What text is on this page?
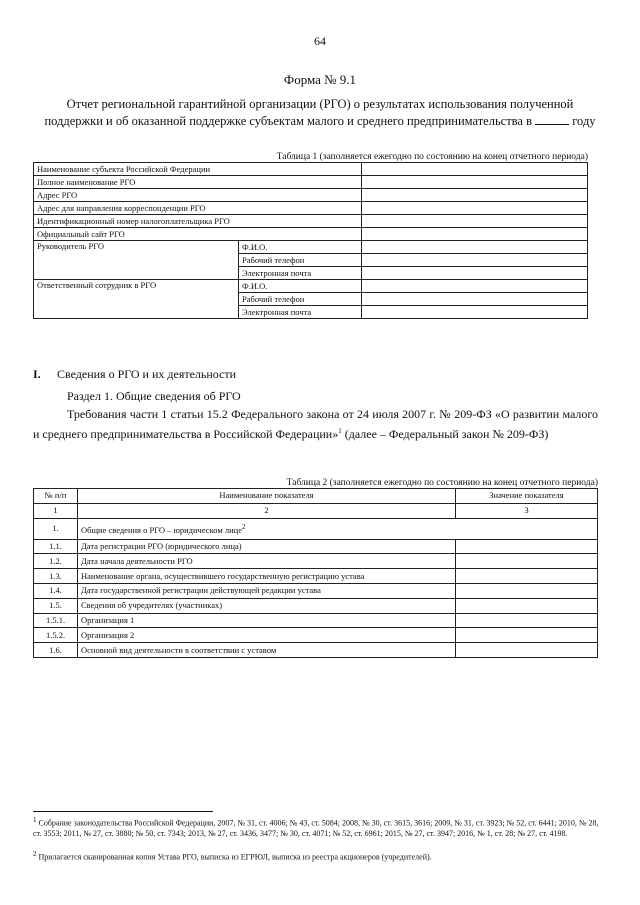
64
Форма № 9.1
Отчет региональной гарантийной организации (РГО) о результатах использования полученной
поддержки и об оказанной поддержке субъектам малого и среднего предпринимательства в	году
Таблица 1 (заполняется ежегодно по состоянию на конец отчетного периода)
Наименование субъекта Российской Федерации		
Полное наименование РГО		
Адрес РГО		
Адрес для направления корреспонденции РГО		
Идентификационный номер налогоплательщика РГО		
Официальный сайт РГО		
Руководитель РГО	Ф.И.О.	
	Рабочий телефон	
	Электронная почта	
Ответственный сотрудник в РГО	Ф.И.О.	
	Рабочий телефон	
	Электронная почта	
I. Сведения о РГО и их деятельности
Раздел 1. Общие сведения об РГО
Требования части 1 статьи 15.2 Федерального закона от 24 июля 2007 г. № 209-ФЗ «О развитии малого и среднего предпринимательства в Российской Федерации»$^1$ (далее – Федеральный закон № 209-ФЗ)
Таблица 2 (заполняется ежегодно по состоянию на конец отчетного периода)
№ п/п	Наименование показателя	Значение показателя
1	2	3
1.	Общие сведения о РГО – юридическом лице$^2$
1.1.	Дата регистрации РГО (юридического лица)	
1.2.	Дата начала деятельности РГО	
1.3.	Наименование органа, осуществившего государственную регистрацию устава	
1.4.	Дата государственной регистрации действующей редакции устава	
1.5.	Сведения об учредителях (участниках)	
1.5.1.	Организация 1	
1.5.2.	Организация 2	
1.6.	Основной вид деятельности в соответствии с уставом	
$^1$ Собрание законодательства Российской Федерации, 2007, № 31, ст. 4006; № 43, ст. 5084; 2008, № 30, ст. 3615, 3616; 2009, № 31, ст. 3923; № 52, ст. 6441; 2010, № 28, ст. 3553; 2011, № 27, ст. 3880; № 50, ст. 7343; 2013, № 27, ст. 3436, 3477; № 30, ст. 4071; № 52, ст. 6961; 2015, № 27, ст. 3947; 2016, № 1, ст. 28; № 27, ст. 4198.
$^2$ Прилагается сканированная копия Устава РГО, выписка из ЕГРЮЛ, выписка из реестра акционеров (учредителей).
